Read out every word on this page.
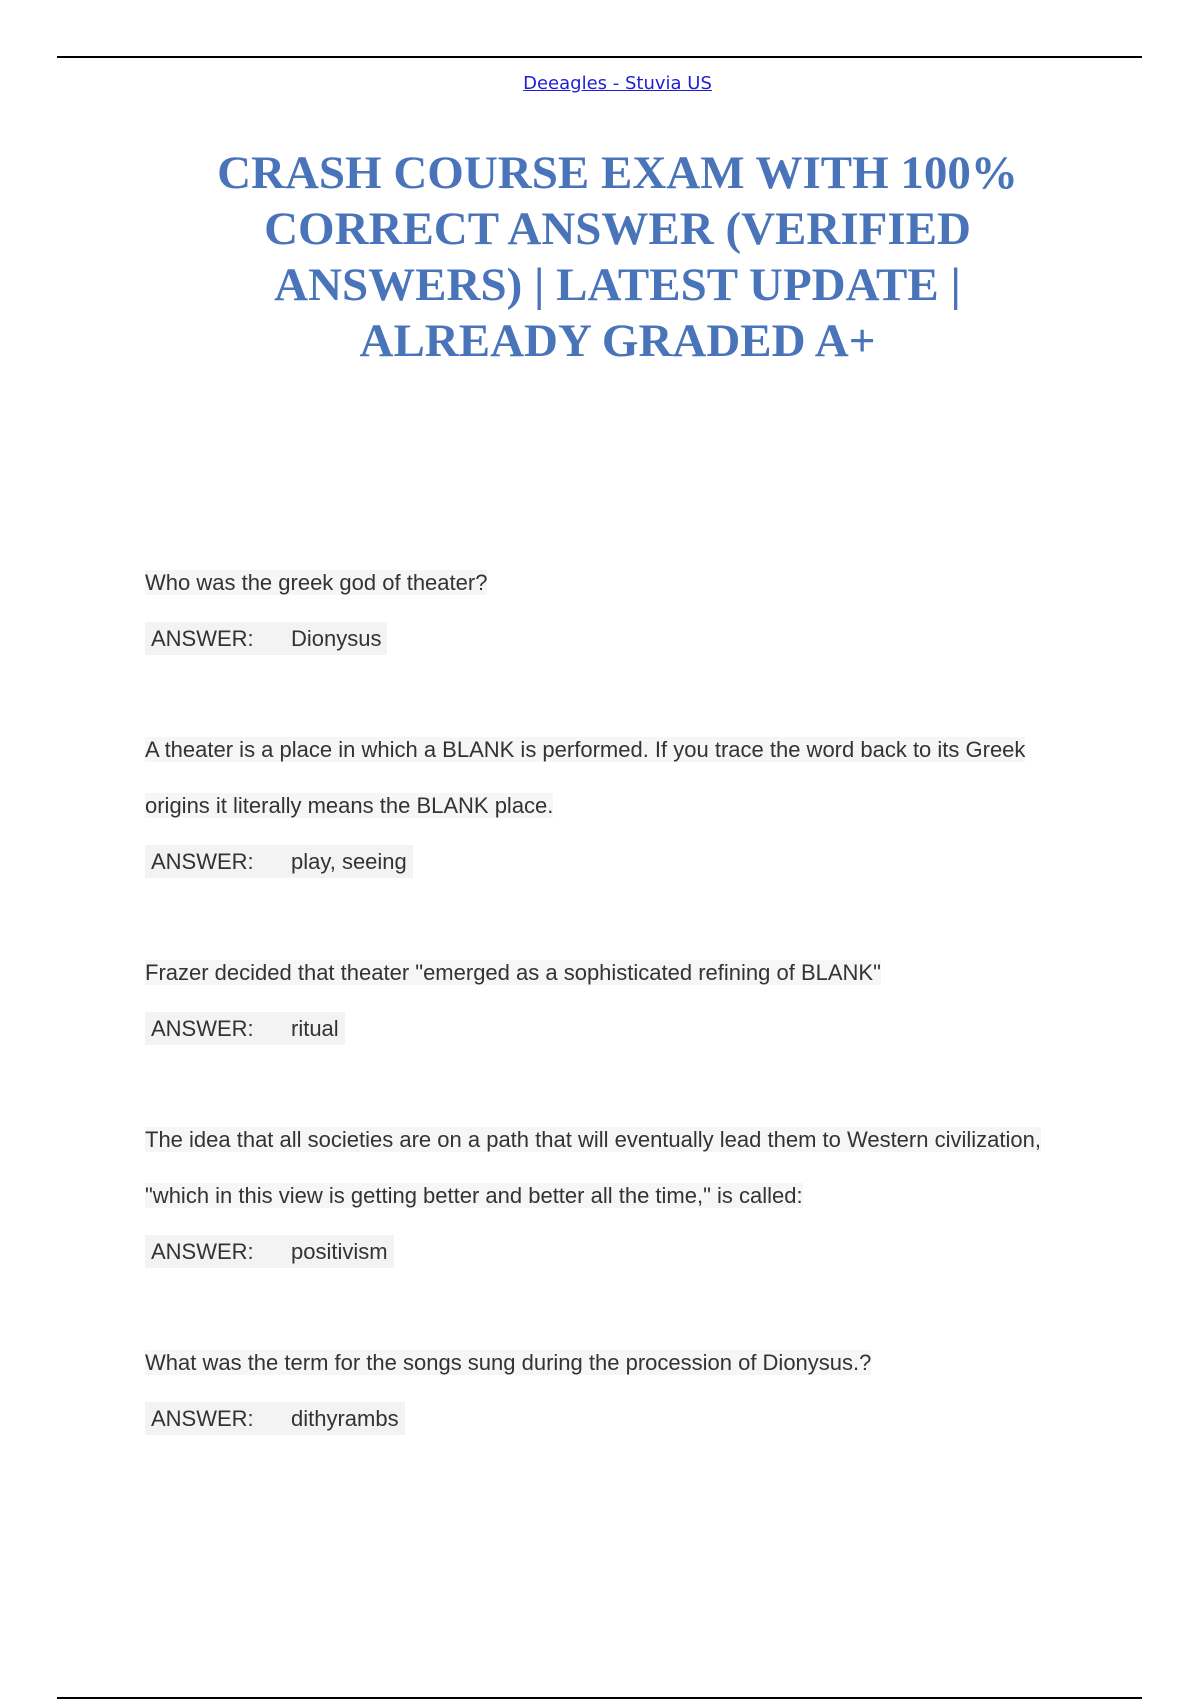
Deeagles - Stuvia US
CRASH COURSE EXAM WITH 100% CORRECT ANSWER (VERIFIED ANSWERS) | LATEST UPDATE | ALREADY GRADED A+

Who was the greek god of theater?

ANSWER: Dionysus

A theater is a place in which a BLANK is performed. If you trace the word back to its Greek origins it literally means the BLANK place.

ANSWER: play, seeing

Frazer decided that theater "emerged as a sophisticated refining of BLANK"

ANSWER: ritual

The idea that all societies are on a path that will eventually lead them to Western civilization, "which in this view is getting better and better all the time," is called:

ANSWER: positivism

What was the term for the songs sung during the procession of Dionysus.?

ANSWER: dithyrambs
